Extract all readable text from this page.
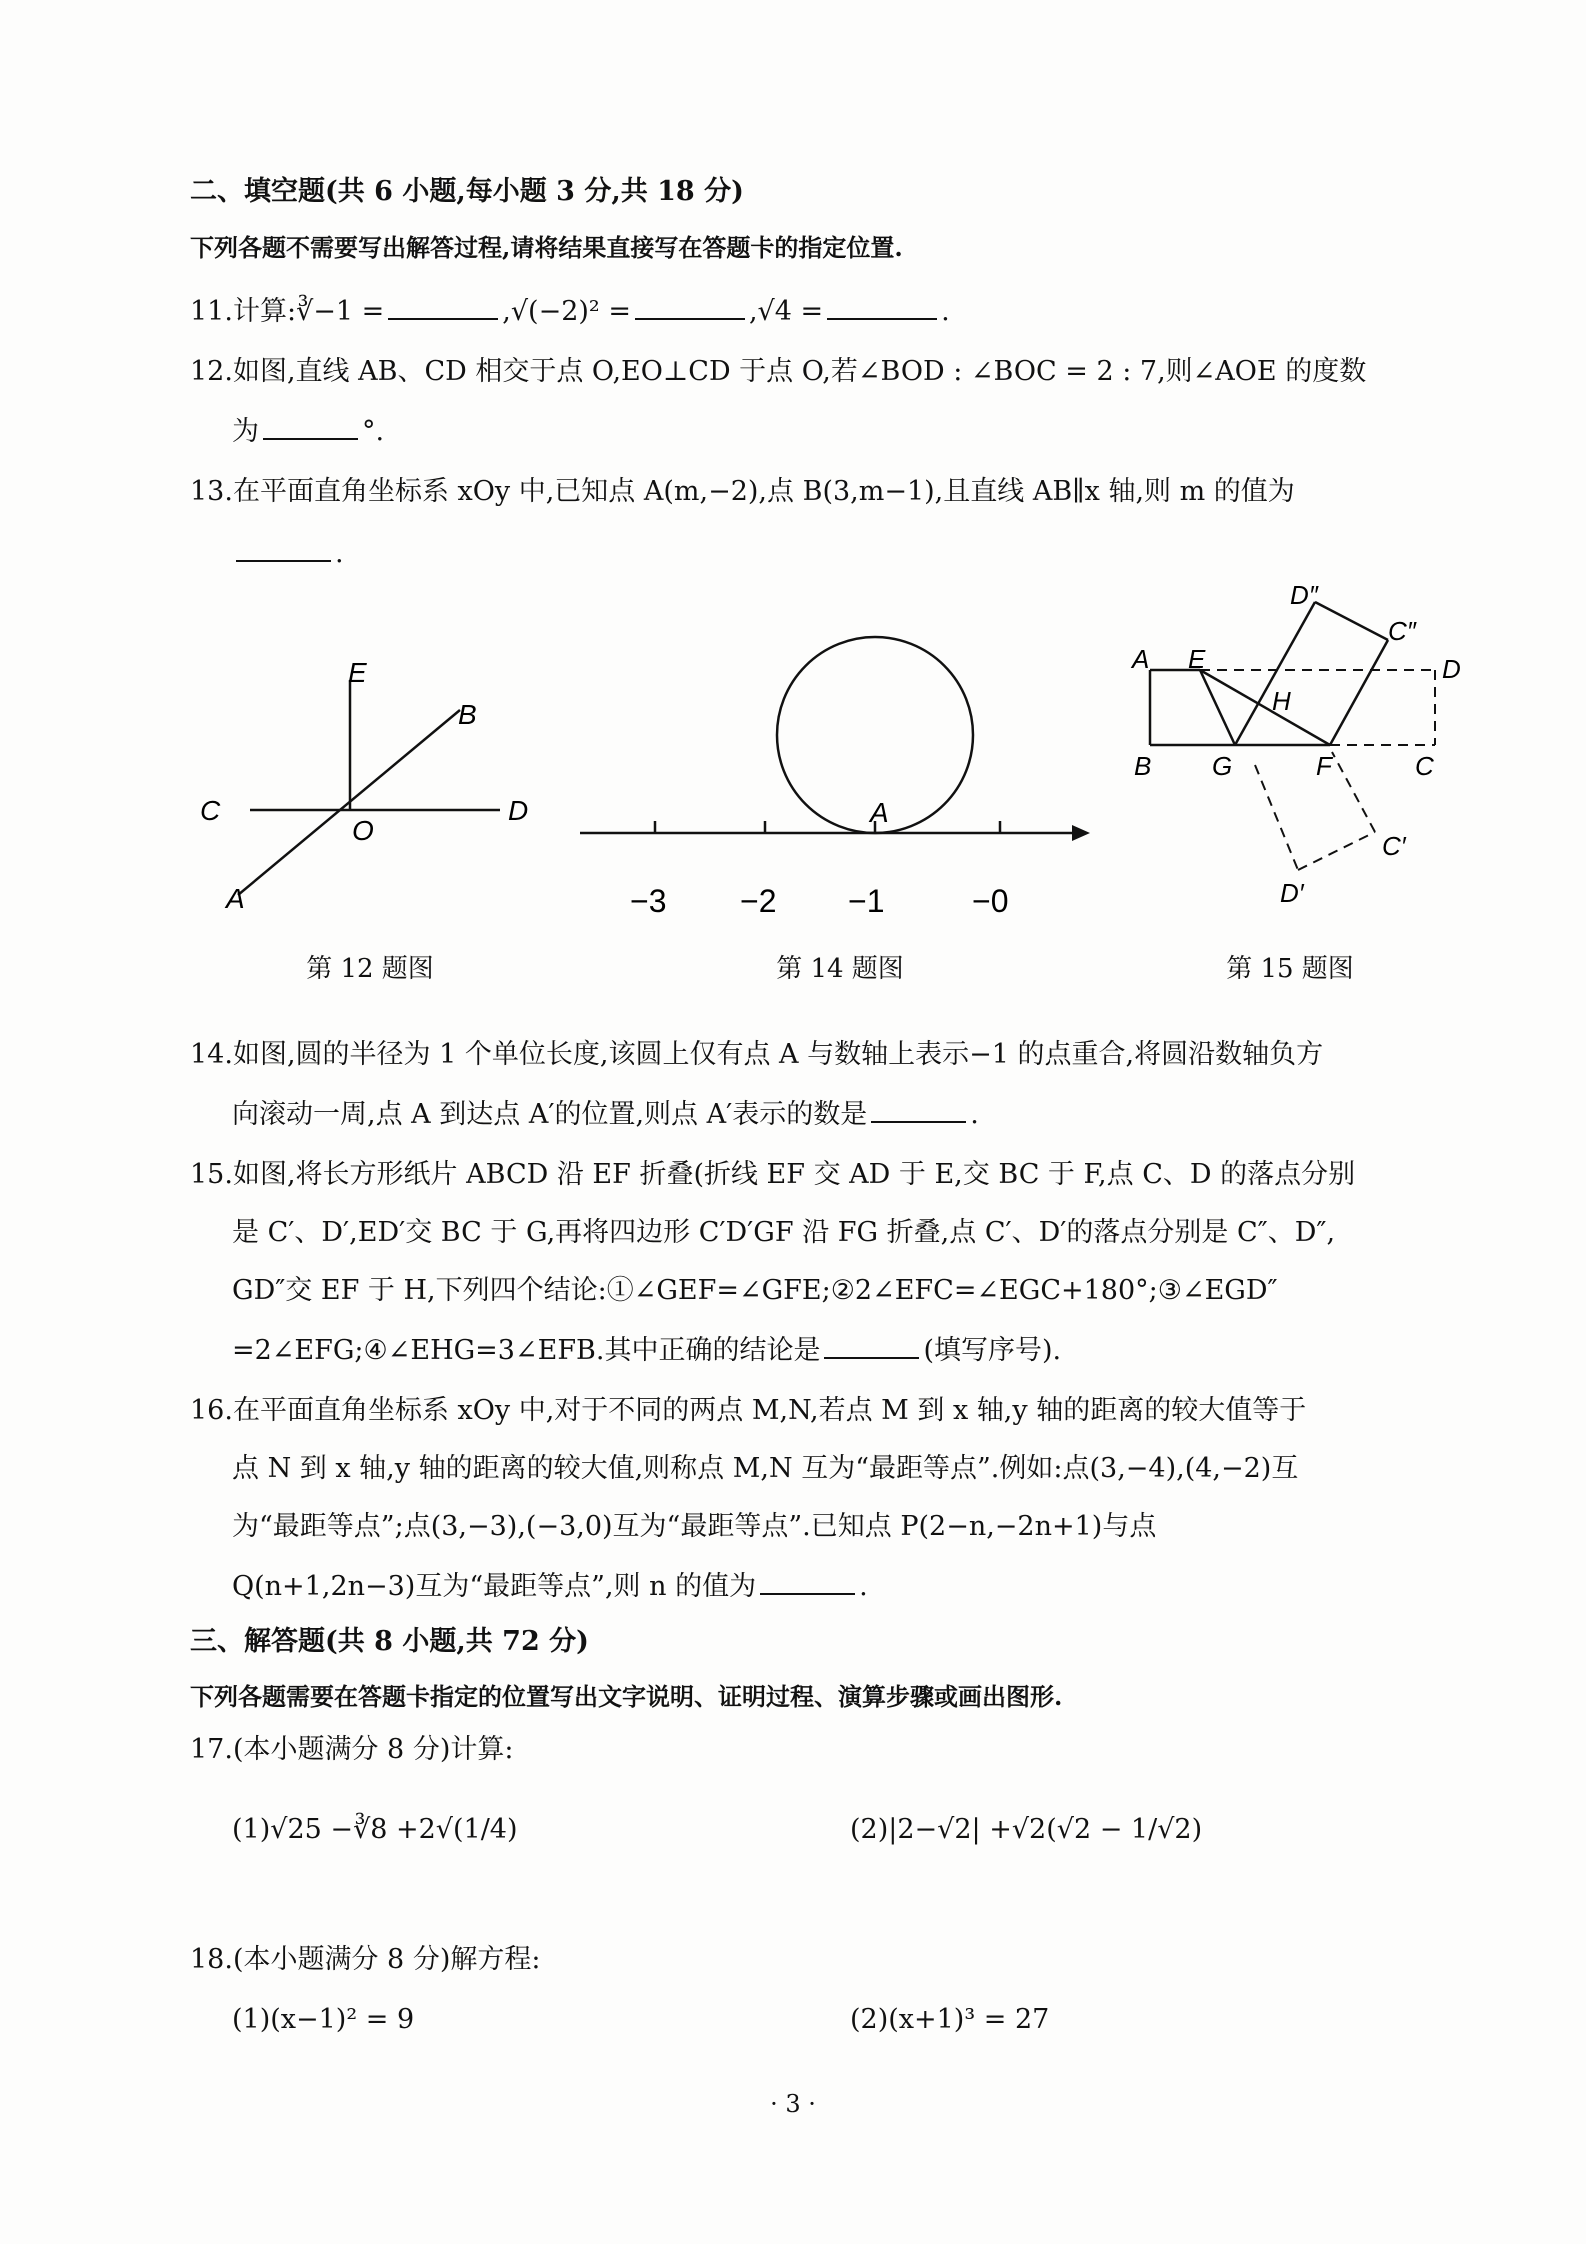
二、填空题(共 6 小题,每小题 3 分,共 18 分)
下列各题不需要写出解答过程,请将结果直接写在答题卡的指定位置.
11.计算:∛−1 =	,√(−2)² =	,√4 =	.
12.如图,直线 AB、CD 相交于点 O,EO⊥CD 于点 O,若∠BOD : ∠BOC = 2 : 7,则∠AOE 的度数
为	°.
13.在平面直角坐标系 xOy 中,已知点 A(m,−2),点 B(3,m−1),且直线 AB∥x 轴,则 m 的值为
.
E
B
C	D
O
A
第 12 题图
A
−3 −2 −1	−0
第 14 题图
A E
D″
C″
D
H
B G	F	C
C′
D′
第 15 题图
14.如图,圆的半径为 1 个单位长度,该圆上仅有点 A 与数轴上表示−1 的点重合,将圆沿数轴负方
向滚动一周,点 A 到达点 A′的位置,则点 A′表示的数是	.
15.如图,将长方形纸片 ABCD 沿 EF 折叠(折线 EF 交 AD 于 E,交 BC 于 F,点 C、D 的落点分别
是 C′、D′,ED′交 BC 于 G,再将四边形 C′D′GF 沿 FG 折叠,点 C′、D′的落点分别是 C″、D″,
GD″交 EF 于 H,下列四个结论:①∠GEF=∠GFE;②2∠EFC=∠EGC+180°;③∠EGD″
=2∠EFG;④∠EHG=3∠EFB.其中正确的结论是	(填写序号).
16.在平面直角坐标系 xOy 中,对于不同的两点 M,N,若点 M 到 x 轴,y 轴的距离的较大值等于
点 N 到 x 轴,y 轴的距离的较大值,则称点 M,N 互为“最距等点”.例如:点(3,−4),(4,−2)互
为“最距等点”;点(3,−3),(−3,0)互为“最距等点”.已知点 P(2−n,−2n+1)与点
Q(n+1,2n−3)互为“最距等点”,则 n 的值为	.
三、解答题(共 8 小题,共 72 分)
下列各题需要在答题卡指定的位置写出文字说明、证明过程、演算步骤或画出图形.
17.(本小题满分 8 分)计算:
(1)√25 −∛8 +2√(1/4)	(2)|2−√2| +√2(√2 − 1/√2)
18.(本小题满分 8 分)解方程:
(1)(x−1)² = 9	(2)(x+1)³ = 27
· 3 ·
